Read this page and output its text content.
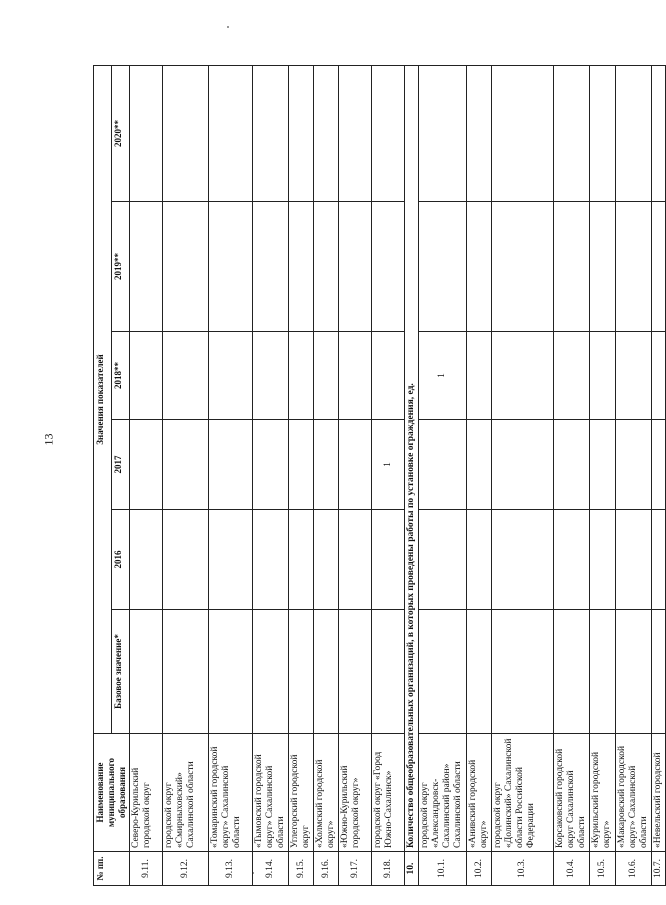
13
№ пп.	Наименование муниципального образования	Значения показателей					
		Базовое значение*	2016	2017	2018**	2019**	2020**
9.11.	Северо-Курильский городской округ						
9.12.	городской округ «Смирныховский» Сахалинской области						
9.13.	«Томаринский городской округ» Сахалинской области						
9.14.	«Тымовский городской округ» Сахалинской области						
9.15.	Углегорский городской округ						
9.16.	«Холмский городской округ»						
9.17.	«Южно-Курильский городской округ»						
9.18.	городской округ «Город Южно-Сахалинск»			1			
10.	Количество общеобразовательных организаций, в которых проведены работы по установке ограждения, ед.						
10.1.	городской округ «Александровск-Сахалинский район» Сахалинской области				1		
10.2.	«Анивский городской округ»						
10.3.	городской округ «Долинский» Сахалинской области Российской Федерации						
10.4.	Корсаковский городской округ Сахалинской области						
10.5.	«Курильский городской округ»						
10.6.	«Макаровский городской округ» Сахалинской области						
10.7.	«Невельский городской						
